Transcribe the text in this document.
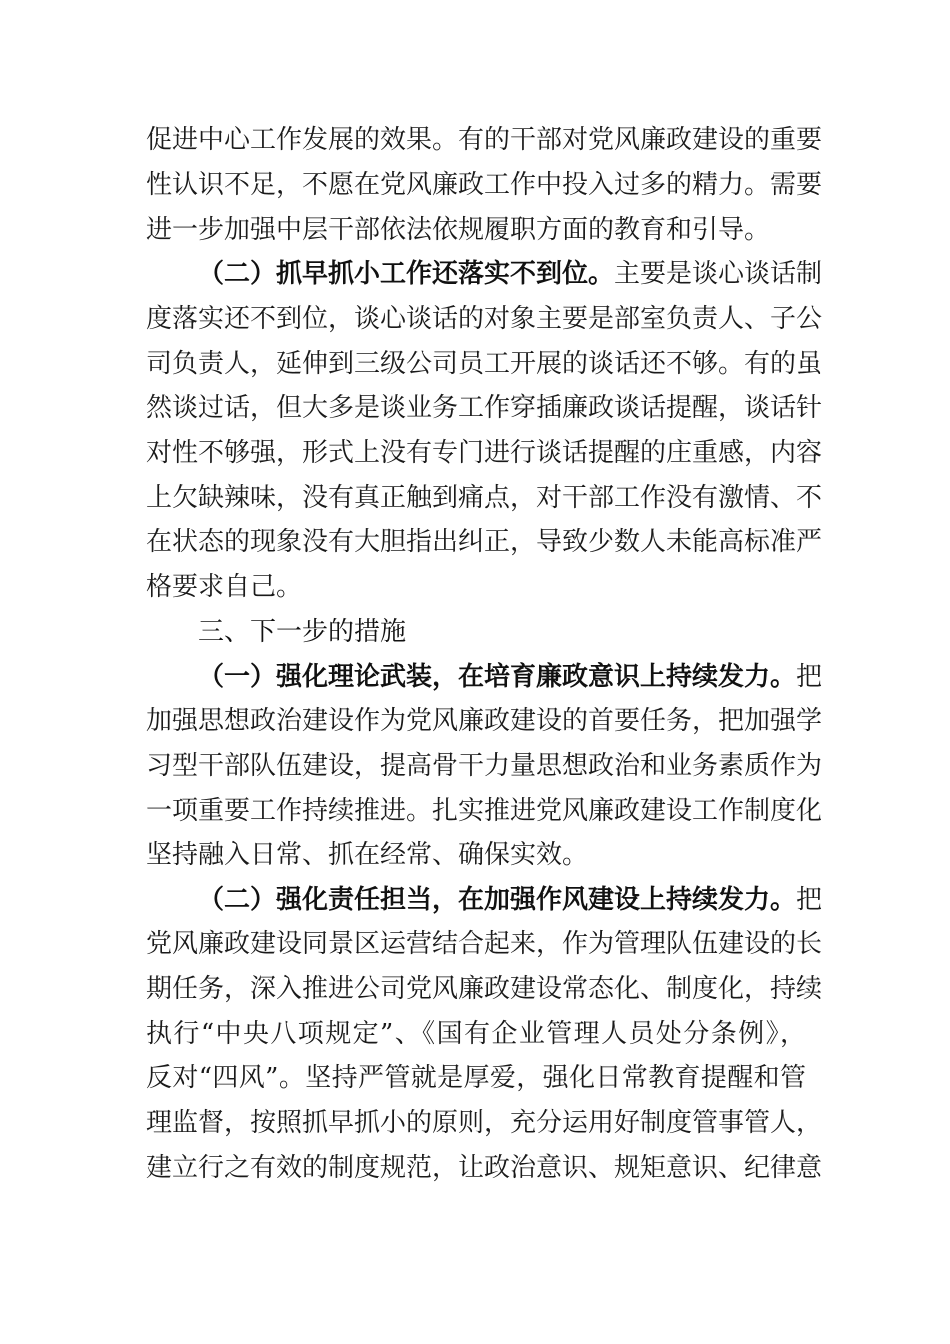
促进中心工作发展的效果。有的干部对党风廉政建设的重要
性认识不足，不愿在党风廉政工作中投入过多的精力。需要
进一步加强中层干部依法依规履职方面的教育和引导。
（二）抓早抓小工作还落实不到位。主要是谈心谈话制
度落实还不到位，谈心谈话的对象主要是部室负责人、子公
司负责人，延伸到三级公司员工开展的谈话还不够。有的虽
然谈过话，但大多是谈业务工作穿插廉政谈话提醒，谈话针
对性不够强，形式上没有专门进行谈话提醒的庄重感，内容
上欠缺辣味，没有真正触到痛点，对干部工作没有激情、不
在状态的现象没有大胆指出纠正，导致少数人未能高标准严
格要求自己。
三、下一步的措施
（一）强化理论武装，在培育廉政意识上持续发力。把
加强思想政治建设作为党风廉政建设的首要任务，把加强学
习型干部队伍建设，提高骨干力量思想政治和业务素质作为
一项重要工作持续推进。扎实推进党风廉政建设工作制度化
坚持融入日常、抓在经常、确保实效。
（二）强化责任担当，在加强作风建设上持续发力。把
党风廉政建设同景区运营结合起来，作为管理队伍建设的长
期任务，深入推进公司党风廉政建设常态化、制度化，持续
执行“中央八项规定”、《国有企业管理人员处分条例》，
反对“四风”。坚持严管就是厚爱，强化日常教育提醒和管
理监督，按照抓早抓小的原则，充分运用好制度管事管人，
建立行之有效的制度规范，让政治意识、规矩意识、纪律意
